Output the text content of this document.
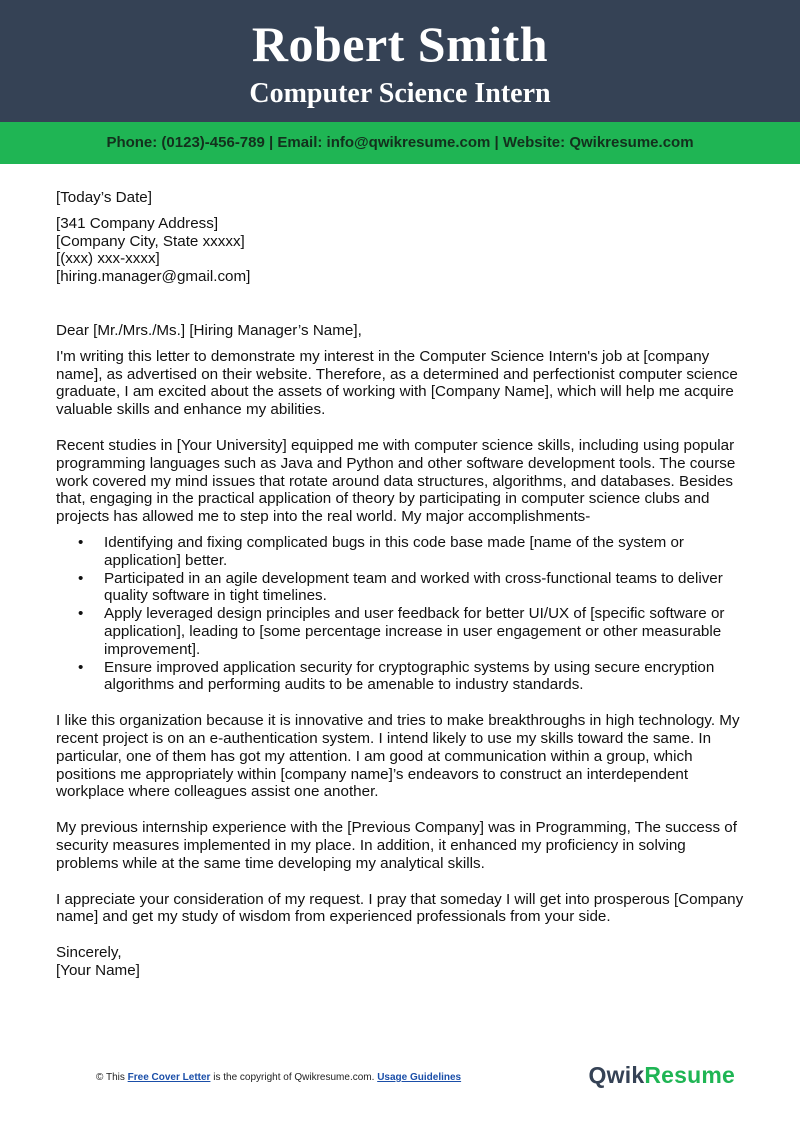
Robert Smith
Computer Science Intern
Phone: (0123)-456-789 | Email: info@qwikresume.com | Website: Qwikresume.com

[Today’s Date]

[341 Company Address]

[Company City, State xxxxx]

[(xxx) xxx-xxxx]

[hiring.manager@gmail.com]

Dear [Mr./Mrs./Ms.] [Hiring Manager’s Name],

I'm writing this letter to demonstrate my interest in the Computer Science Intern's job at [company name], as advertised on their website. Therefore, as a determined and perfectionist computer science graduate, I am excited about the assets of working with [Company Name], which will help me acquire valuable skills and enhance my abilities.

Recent studies in [Your University] equipped me with computer science skills, including using popular programming languages such as Java and Python and other software development tools. The course work covered my mind issues that rotate around data structures, algorithms, and databases. Besides that, engaging in the practical application of theory by participating in computer science clubs and projects has allowed me to step into the real world. My major accomplishments-

• Identifying and fixing complicated bugs in this code base made [name of the system or application] better.
• Participated in an agile development team and worked with cross-functional teams to deliver quality software in tight timelines.
• Apply leveraged design principles and user feedback for better UI/UX of [specific software or application], leading to [some percentage increase in user engagement or other measurable improvement].
• Ensure improved application security for cryptographic systems by using secure encryption algorithms and performing audits to be amenable to industry standards.

I like this organization because it is innovative and tries to make breakthroughs in high technology. My recent project is on an e-authentication system. I intend likely to use my skills toward the same. In particular, one of them has got my attention. I am good at communication within a group, which positions me appropriately within [company name]’s endeavors to construct an interdependent workplace where colleagues assist one another.

My previous internship experience with the [Previous Company] was in Programming, The success of security measures implemented in my place. In addition, it enhanced my proficiency in solving problems while at the same time developing my analytical skills.

I appreciate your consideration of my request. I pray that someday I will get into prosperous [Company name] and get my study of wisdom from experienced professionals from your side.

Sincerely,

[Your Name]

© This Free Cover Letter is the copyright of Qwikresume.com. Usage Guidelines	QwikResume
